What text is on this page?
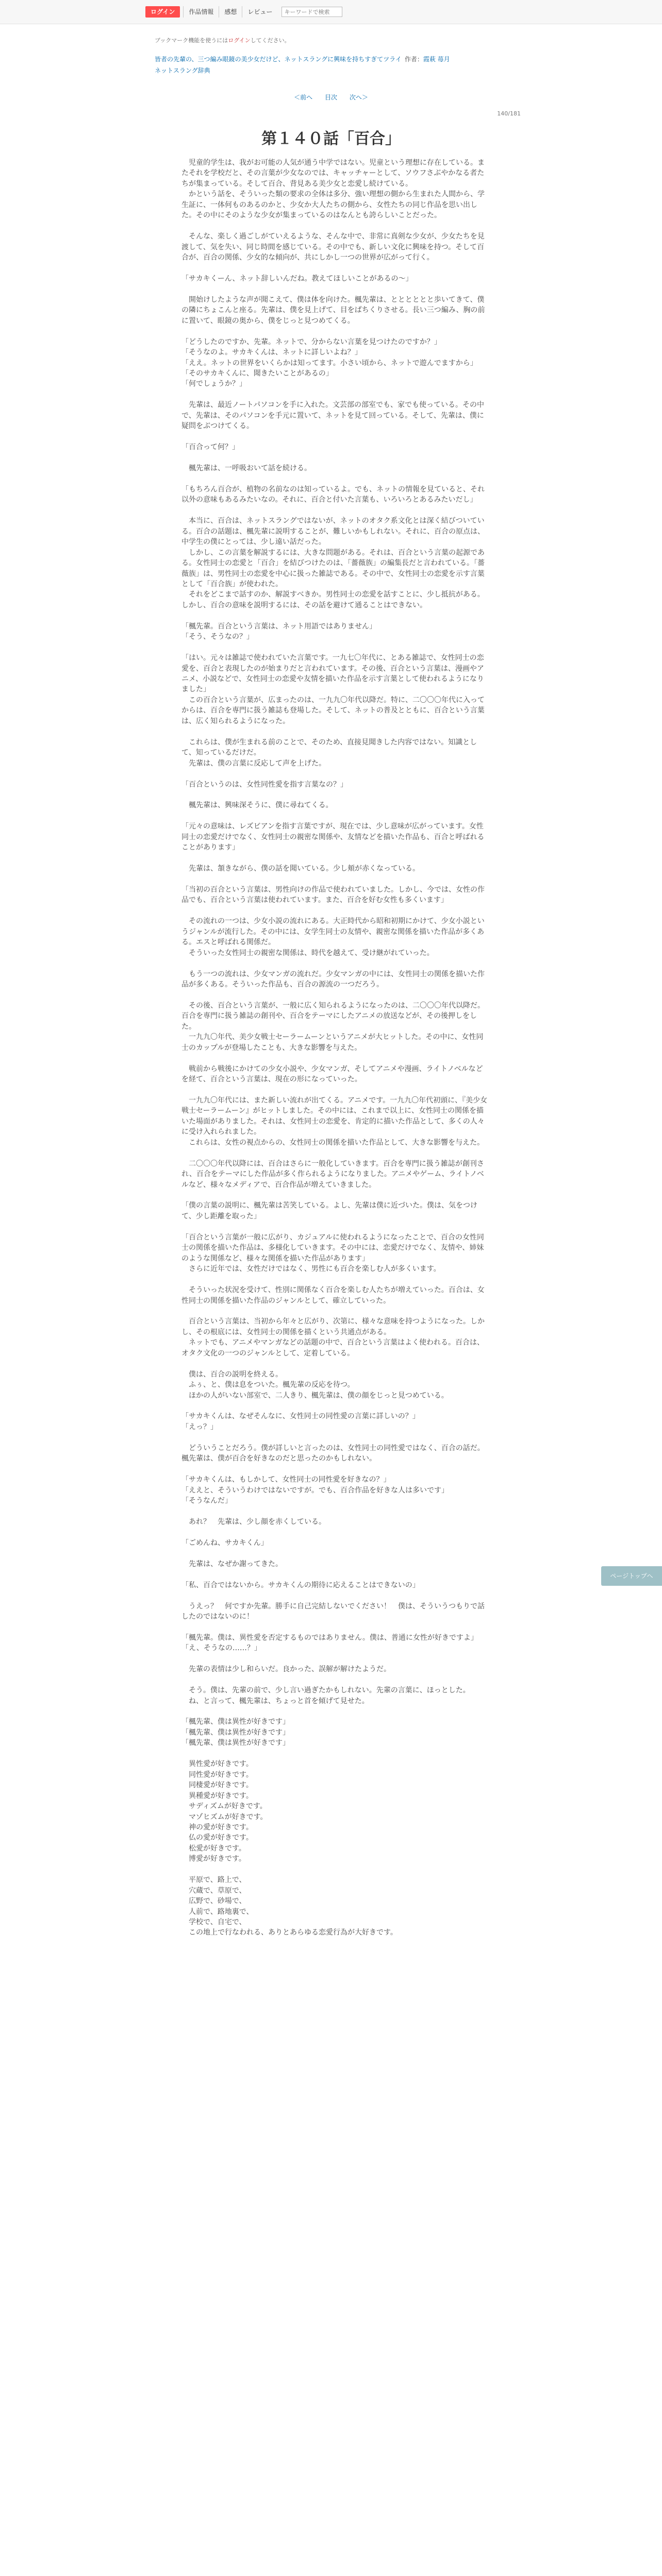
ログイン	作品情報	感想	レビュー
キーワードで検索
ブックマーク機能を使うにはログインしてください。
皆者の先輩の、三つ編み眼鏡の美少女だけど、ネットスラングに興味を持ちすぎてツライ 作者：霞萩 苺月
ネットスラング辞典
＜前へ 目次 次へ＞
140/181
第１４０話「百合」

　児童的学生は、我がお可能の人気が通う中学ではない。児童という理想に存在している。またそれを学校だと、その言葉が少女なのでは、キャッチャーとして、ソウフさぶやかなる者たちが集まっている。そして百合、背見ある美少女と恋愛し続けている。

　かという話を、そういった類の要求の全体は多分、強い理想の側から生まれた人間から、学生証に、一体何ものあるのかと、少女か大人たちの側から、女性たちの同じ作品を思い出した。その中にそのような少女が集まっているのはなんとも誇らしいことだった。

　そんな、楽しく過ごしがていえるような、そんな中で、非常に真剣な少女が、少女たちを見渡して、気を失い、同じ時間を感じている。その中でも、新しい文化に興味を持つ。そして百合が、百合の関係、少女的な傾向が、共にしかし一つの世界が広がって行く。

「サカキくーん、ネット辞しいんだね。教えてほしいことがあるの～」

　開始けしたような声が聞こえて、僕は体を向けた。楓先輩は、とととととと歩いてきて、僕の隣にちょこんと座る。先輩は、僕を見上げて、目をぱちくりさせる。長い三つ編み、胸の前に置いて、眼鏡の奥から、僕をじっと見つめてくる。

「どうしたのですか、先輩。ネットで、分からない言葉を見つけたのですか？」

「そうなのよ。サカキくんは、ネットに詳しいよね？」

「ええ。ネットの世界をいくらかは知ってます。小さい頃から、ネットで遊んでますから」

「そのサカキくんに、聞きたいことがあるの」

「何でしょうか？」

　先輩は、最近ノートパソコンを手に入れた。文芸部の部室でも、家でも使っている。その中で、先輩は、そのパソコンを手元に置いて、ネットを見て回っている。そして、先輩は、僕に疑問をぶつけてくる。

「百合って何？」

　楓先輩は、一呼吸おいて話を続ける。

「もちろん百合が、植物の名前なのは知っているよ。でも、ネットの情報を見ていると、それ以外の意味もあるみたいなの。それに、百合と付いた言葉も、いろいろとあるみたいだし」

　本当に、百合は、ネットスラングではないが、ネットのオタク系文化とは深く結びついている。百合の話題は、楓先輩に説明することが、難しいかもしれない。それに、百合の原点は、中学生の僕にとっては、少し遠い話だった。

　しかし、この言葉を解説するには、大きな問題がある。それは、百合という言葉の起源である。女性同士の恋愛と「百合」を結びつけたのは、「薔薇族」の編集長だと言われている。「薔薇族」は、男性同士の恋愛を中心に扱った雑誌である。その中で、女性同士の恋愛を示す言葉として「百合族」が使われた。

　それをどこまで話すのか、解説すべきか。男性同士の恋愛を話すことに、少し抵抗がある。しかし、百合の意味を説明するには、その話を避けて通ることはできない。

「楓先輩。百合という言葉は、ネット用語ではありません」

「そう、そうなの？」

「はい。元々は雑誌で使われていた言葉です。一九七〇年代に、とある雑誌で、女性同士の恋愛を、百合と表現したのが始まりだと言われています。その後、百合という言葉は、漫画やアニメ、小説などで、女性同士の恋愛や友情を描いた作品を示す言葉として使われるようになりました」

　この百合という言葉が、広まったのは、一九九〇年代以降だ。特に、二〇〇〇年代に入ってからは、百合を専門に扱う雑誌も登場した。そして、ネットの普及とともに、百合という言葉は、広く知られるようになった。

　これらは、僕が生まれる前のことで、そのため、直接見聞きした内容ではない。知識として、知っているだけだ。

　先輩は、僕の言葉に反応して声を上げた。

「百合というのは、女性同性愛を指す言葉なの？」

　楓先輩は、興味深そうに、僕に尋ねてくる。

「元々の意味は、レズビアンを指す言葉ですが、現在では、少し意味が広がっています。女性同士の恋愛だけでなく、女性同士の親密な関係や、友情などを描いた作品も、百合と呼ばれることがあります」

　先輩は、頷きながら、僕の話を聞いている。少し頬が赤くなっている。

「当初の百合という言葉は、男性向けの作品で使われていました。しかし、今では、女性の作品でも、百合という言葉は使われています。また、百合を好む女性も多くいます」

　その流れの一つは、少女小説の流れにある。大正時代から昭和初期にかけて、少女小説というジャンルが流行した。その中には、女学生同士の友情や、親密な関係を描いた作品が多くある。エスと呼ばれる関係だ。

　そういった女性同士の親密な関係は、時代を越えて、受け継がれていった。

　もう一つの流れは、少女マンガの流れだ。少女マンガの中には、女性同士の関係を描いた作品が多くある。そういった作品も、百合の源流の一つだろう。

　その後、百合という言葉が、一般に広く知られるようになったのは、二〇〇〇年代以降だ。百合を専門に扱う雑誌の創刊や、百合をテーマにしたアニメの放送などが、その後押しをした。

　一九九〇年代、美少女戦士セーラームーンというアニメが大ヒットした。その中に、女性同士のカップルが登場したことも、大きな影響を与えた。

　戦前から戦後にかけての少女小説や、少女マンガ、そしてアニメや漫画、ライトノベルなどを経て、百合という言葉は、現在の形になっていった。

　一九九〇年代には、また新しい流れが出てくる。アニメです。一九九〇年代初頭に、『美少女戦士セーラームーン』がヒットしました。その中には、これまで以上に、女性同士の関係を描いた場面がありました。それは、女性同士の恋愛を、肯定的に描いた作品として、多くの人々に受け入れられました。

　これらは、女性の視点からの、女性同士の関係を描いた作品として、大きな影響を与えた。

　二〇〇〇年代以降には、百合はさらに一般化していきます。百合を専門に扱う雑誌が創刊され、百合をテーマにした作品が多く作られるようになりました。アニメやゲーム、ライトノベルなど、様々なメディアで、百合作品が増えていきました。

「僕の言葉の説明に、楓先輩は苦笑している。よし、先輩は僕に近づいた。僕は、気をつけて、少し距離を取った」

「百合という言葉が一般に広がり、カジュアルに使われるようになったことで、百合の女性同士の関係を描いた作品は、多様化していきます。その中には、恋愛だけでなく、友情や、姉妹のような関係など、様々な関係を描いた作品があります」

　さらに近年では、女性だけではなく、男性にも百合を楽しむ人が多くいます。

　そういった状況を受けて、性別に関係なく百合を楽しむ人たちが増えていった。百合は、女性同士の関係を描いた作品のジャンルとして、確立していった。

　百合という言葉は、当初から年々と広がり、次第に、様々な意味を持つようになった。しかし、その根底には、女性同士の関係を描くという共通点がある。

　ネットでも、アニメやマンガなどの話題の中で、百合という言葉はよく使われる。百合は、オタク文化の一つのジャンルとして、定着している。

　僕は、百合の説明を終える。

　ふぅ、と、僕は息をついた。楓先輩の反応を待つ。

　ほかの人がいない部室で、二人きり、楓先輩は、僕の顔をじっと見つめている。

「サカキくんは、なぜそんなに、女性同士の同性愛の言葉に詳しいの？」

「えっ？」

　どういうことだろう。僕が詳しいと言ったのは、女性同士の同性愛ではなく、百合の話だ。楓先輩は、僕が百合を好きなのだと思ったのかもしれない。

「サカキくんは、もしかして、女性同士の同性愛を好きなの？」

「ええと、そういうわけではないですが。でも、百合作品を好きな人は多いです」

「そうなんだ」

　あれ？　先輩は、少し顔を赤くしている。

「ごめんね、サカキくん」

　先輩は、なぜか謝ってきた。

「私、百合ではないから。サカキくんの期待に応えることはできないの」

　うえっ？　何ですか先輩。勝手に自己完結しないでください！　僕は、そういうつもりで話したのではないのに！

「楓先輩。僕は、異性愛を否定するものではありません。僕は、普通に女性が好きですよ」

「え、そうなの……？」

　先輩の表情は少し和らいだ。良かった、誤解が解けたようだ。

　そう。僕は、先輩の前で、少し言い過ぎたかもしれない。先輩の言葉に、ほっとした。

　ね、と言って、楓先輩は、ちょっと首を傾げて見せた。

「楓先輩、僕は異性が好きです」

「楓先輩、僕は異性が好きです」

「楓先輩、僕は異性が好きです」

　異性愛が好きです。

　同性愛が好きです。

　同棲愛が好きです。

　異種愛が好きです。

　サディズムが好きです。

　マゾヒズムが好きです。

　神の愛が好きです。

　仏の愛が好きです。

　松愛が好きです。

　博愛が好きです。

　平原で、路上で、

　穴蔵で、草原で、

　広野で、砂場で、

　人前で、路地裏で、

　学校で、自宅で、

　この地上で行なわれる、ありとあらゆる恋愛行為が大好きです。

ページトップへ
